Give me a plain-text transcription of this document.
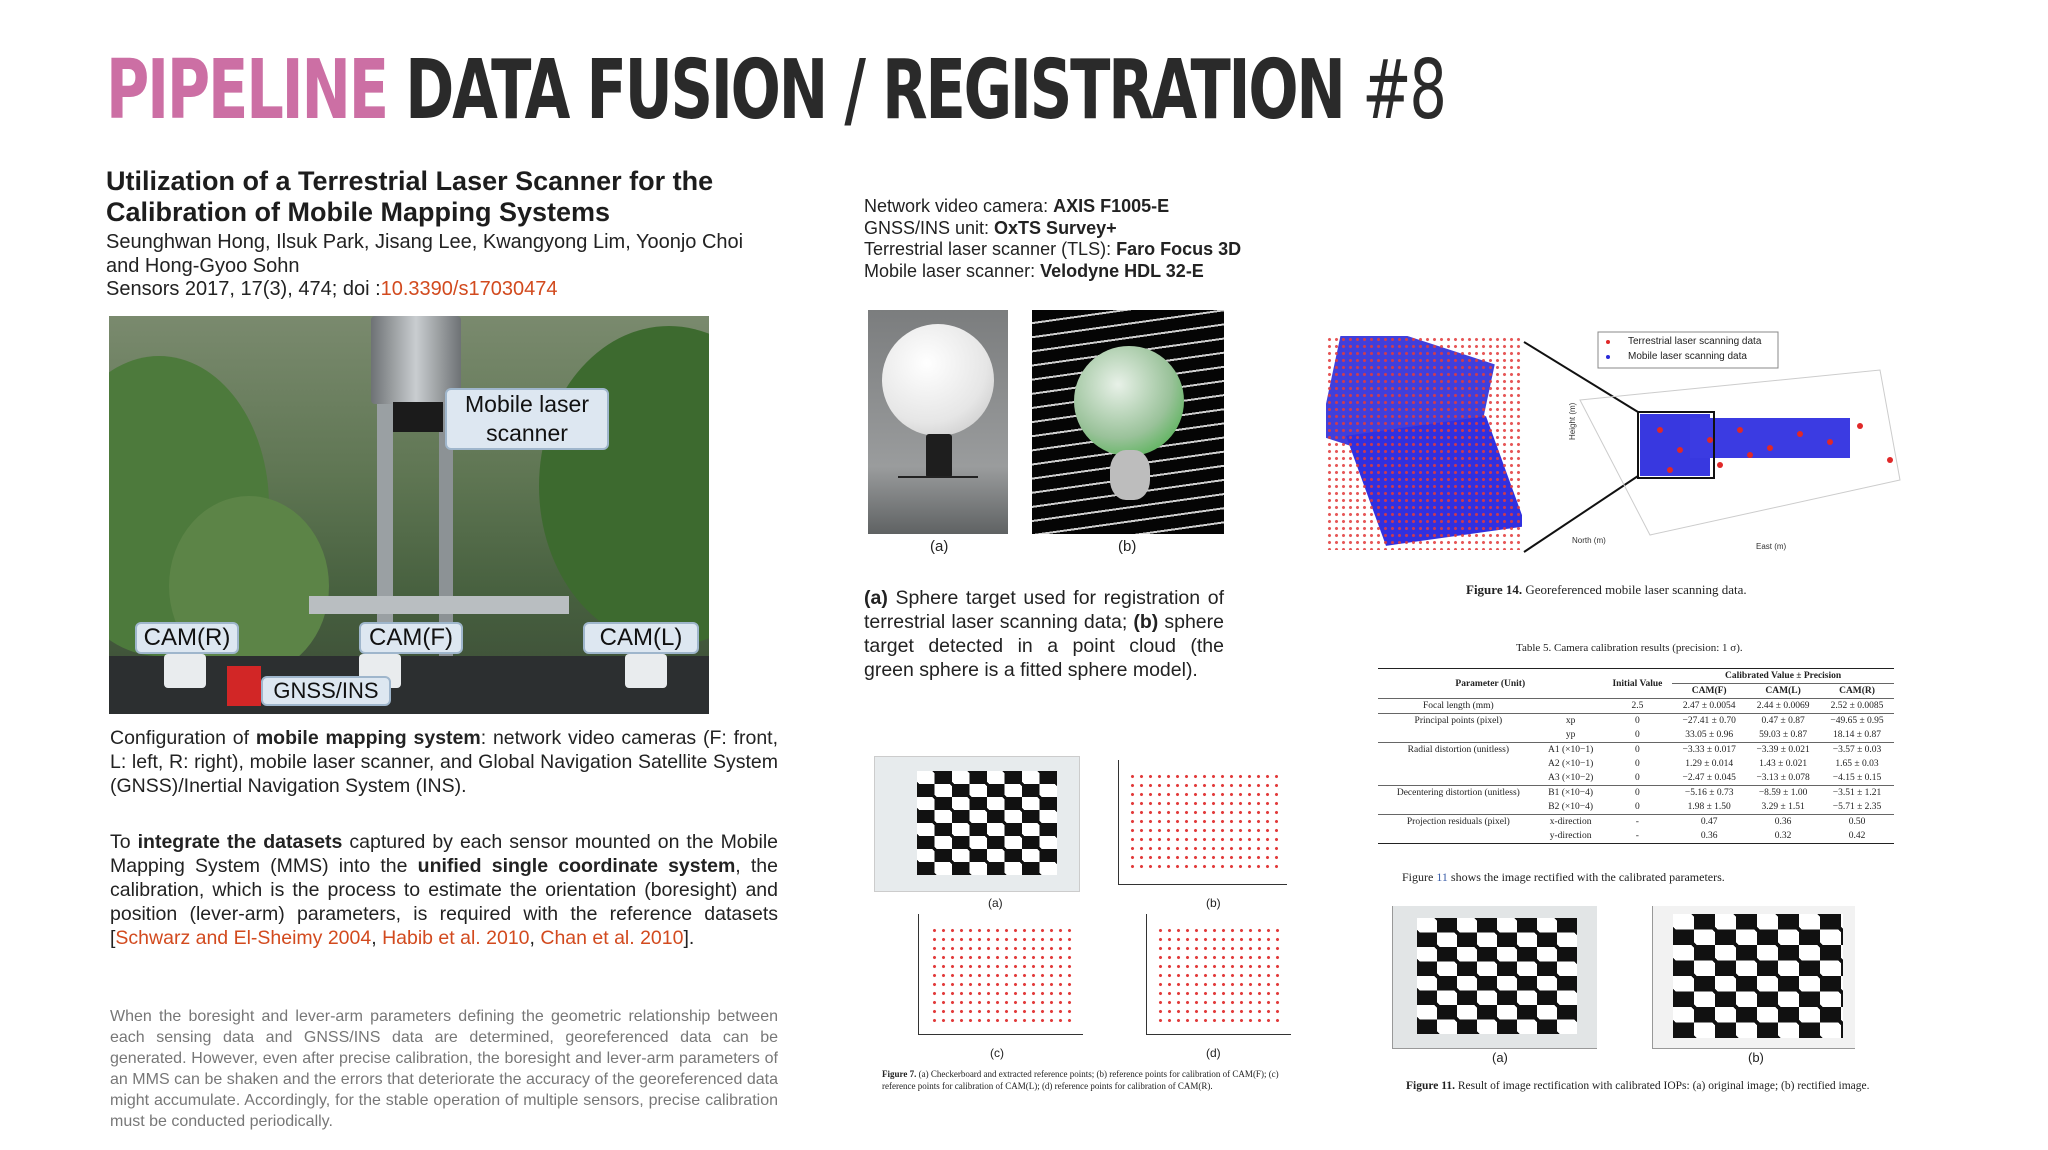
PIPELINE DATA FUSION / REGISTRATION #8
Utilization of a Terrestrial Laser Scanner for the Calibration of Mobile Mapping Systems
Seunghwan Hong, Ilsuk Park, Jisang Lee, Kwangyong Lim, Yoonjo Choi and Hong-Gyoo Sohn
Sensors 2017, 17(3), 474; doi :10.3390/s17030474
Mobile laser scanner
CAM(R)	CAM(F)	CAM(L)
GNSS/INS
Configuration of mobile mapping system: network video cameras (F: front, L: left, R: right), mobile laser scanner, and Global Navigation Satellite System (GNSS)/Inertial Navigation System (INS).
To integrate the datasets captured by each sensor mounted on the Mobile Mapping System (MMS) into the unified single coordinate system, the calibration, which is the process to estimate the orientation (boresight) and position (lever-arm) parameters, is required with the reference datasets [Schwarz and El-Sheimy 2004, Habib et al. 2010, Chan et al. 2010].
When the boresight and lever-arm parameters defining the geometric relationship between each sensing data and GNSS/INS data are determined, georeferenced data can be generated. However, even after precise calibration, the boresight and lever-arm parameters of an MMS can be shaken and the errors that deteriorate the accuracy of the georeferenced data might accumulate. Accordingly, for the stable operation of multiple sensors, precise calibration must be conducted periodically.
Network video camera: AXIS F1005-E
GNSS/INS unit: OxTS Survey+
Terrestrial laser scanner (TLS): Faro Focus 3D
Mobile laser scanner: Velodyne HDL 32-E
(a)	(b)
(a) Sphere target used for registration of terrestrial laser scanning data; (b) sphere target detected in a point cloud (the green sphere is a fitted sphere model).
(a)	(b)
(c)	(d)
Figure 7. (a) Checkerboard and extracted reference points; (b) reference points for calibration of CAM(F); (c) reference points for calibration of CAM(L); (d) reference points for calibration of CAM(R).
Terrestrial laser scanning data
Mobile laser scanning data
Height (m)
North (m)
East (m)
Figure 14. Georeferenced mobile laser scanning data.
Table 5. Camera calibration results (precision: 1 σ).
Parameter (Unit)		Initial Value	Calibrated Value ± Precision		
			CAM(F)	CAM(L)	CAM(R)
Focal length (mm)		2.5	2.47 ± 0.0054	2.44 ± 0.0069	2.52 ± 0.0085
Principal points (pixel)	xp	0	−27.41 ± 0.70	0.47 ± 0.87	−49.65 ± 0.95
	yp	0	33.05 ± 0.96	59.03 ± 0.87	18.14 ± 0.87
Radial distortion (unitless)	A1 (×10−1)	0	−3.33 ± 0.017	−3.39 ± 0.021	−3.57 ± 0.03
	A2 (×10−1)	0	1.29 ± 0.014	1.43 ± 0.021	1.65 ± 0.03
	A3 (×10−2)	0	−2.47 ± 0.045	−3.13 ± 0.078	−4.15 ± 0.15
Decentering distortion (unitless)	B1 (×10−4)	0	−5.16 ± 0.73	−8.59 ± 1.00	−3.51 ± 1.21
	B2 (×10−4)	0	1.98 ± 1.50	3.29 ± 1.51	−5.71 ± 2.35
Projection residuals (pixel)	x-direction	-	0.47	0.36	0.50
	y-direction	-	0.36	0.32	0.42
Figure 11 shows the image rectified with the calibrated parameters.
(a)	(b)
Figure 11. Result of image rectification with calibrated IOPs: (a) original image; (b) rectified image.
